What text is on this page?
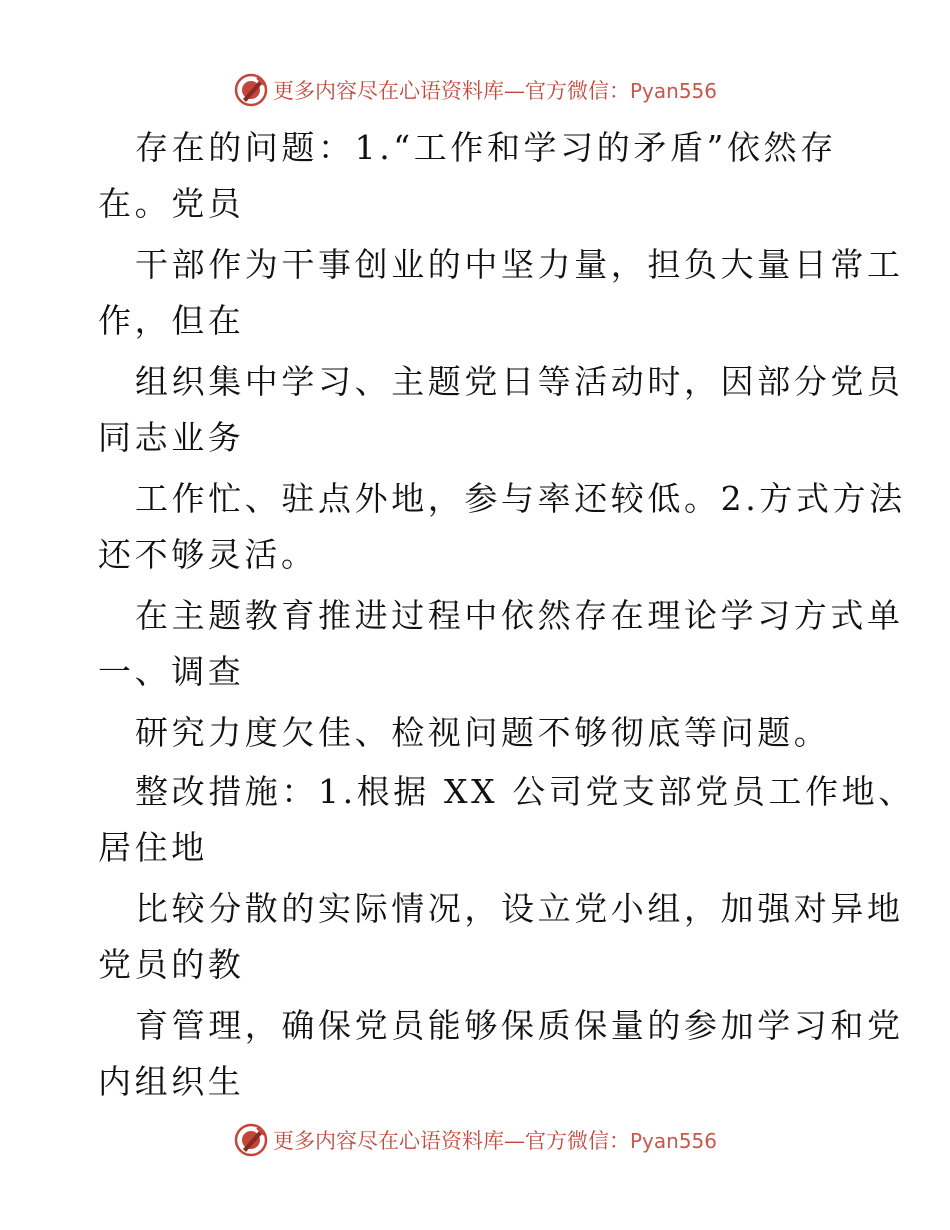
更多内容尽在心语资料库—官方微信：Pyan556
存在的问题：1.“工作和学习的矛盾”依然存
在。党员
干部作为干事创业的中坚力量，担负大量日常工
作，但在
组织集中学习、主题党日等活动时，因部分党员
同志业务
工作忙、驻点外地，参与率还较低。2.方式方法
还不够灵活。
在主题教育推进过程中依然存在理论学习方式单
一、调查
研究力度欠佳、检视问题不够彻底等问题。
整改措施：1.根据 XX 公司党支部党员工作地、
居住地
比较分散的实际情况，设立党小组，加强对异地
党员的教
育管理，确保党员能够保质保量的参加学习和党
内组织生
更多内容尽在心语资料库—官方微信：Pyan556
